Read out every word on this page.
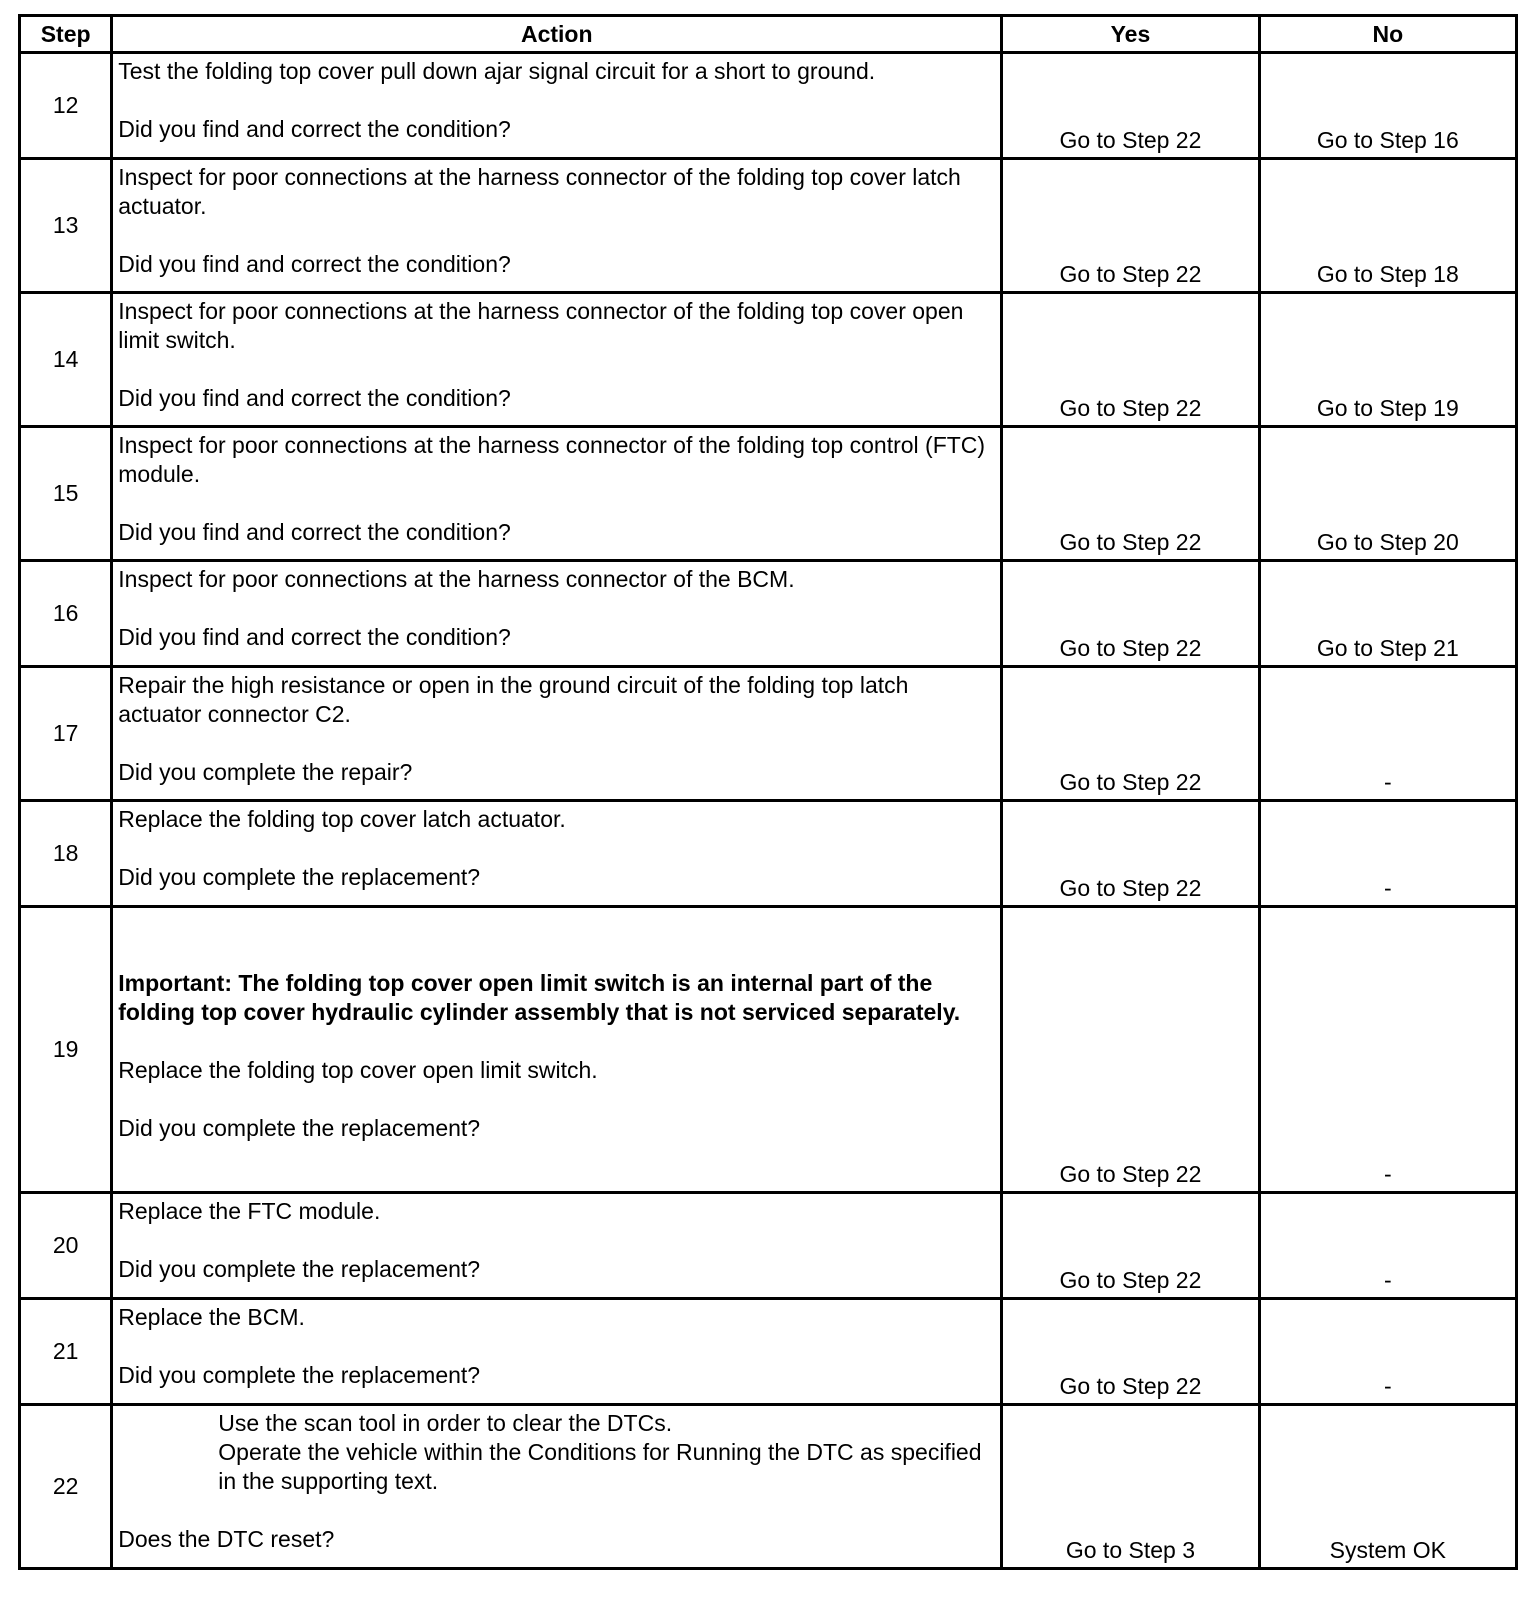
Step	Action	Yes	No
12	Test the folding top cover pull down ajar signal circuit for a short to ground.

Did you find and correct the condition?	Go to Step 22	Go to Step 16
13	Inspect for poor connections at the harness connector of the folding top cover latch actuator.

Did you find and correct the condition?	Go to Step 22	Go to Step 18
14	Inspect for poor connections at the harness connector of the folding top cover open limit switch.

Did you find and correct the condition?	Go to Step 22	Go to Step 19
15	Inspect for poor connections at the harness connector of the folding top control (FTC) module.

Did you find and correct the condition?	Go to Step 22	Go to Step 20
16	Inspect for poor connections at the harness connector of the BCM.

Did you find and correct the condition?	Go to Step 22	Go to Step 21
17	Repair the high resistance or open in the ground circuit of the folding top latch actuator connector C2.

Did you complete the repair?	Go to Step 22	-
18	Replace the folding top cover latch actuator.

Did you complete the replacement?	Go to Step 22	-
19	Important: The folding top cover open limit switch is an internal part of the folding top cover hydraulic cylinder assembly that is not serviced separately.

Replace the folding top cover open limit switch.

Did you complete the replacement?	Go to Step 22	-
20	Replace the FTC module.

Did you complete the replacement?	Go to Step 22	-
21	Replace the BCM.

Did you complete the replacement?	Go to Step 22	-
22	Use the scan tool in order to clear the DTCs.

Operate the vehicle within the Conditions for Running the DTC as specified in the supporting text.

Does the DTC reset?	Go to Step 3	System OK
